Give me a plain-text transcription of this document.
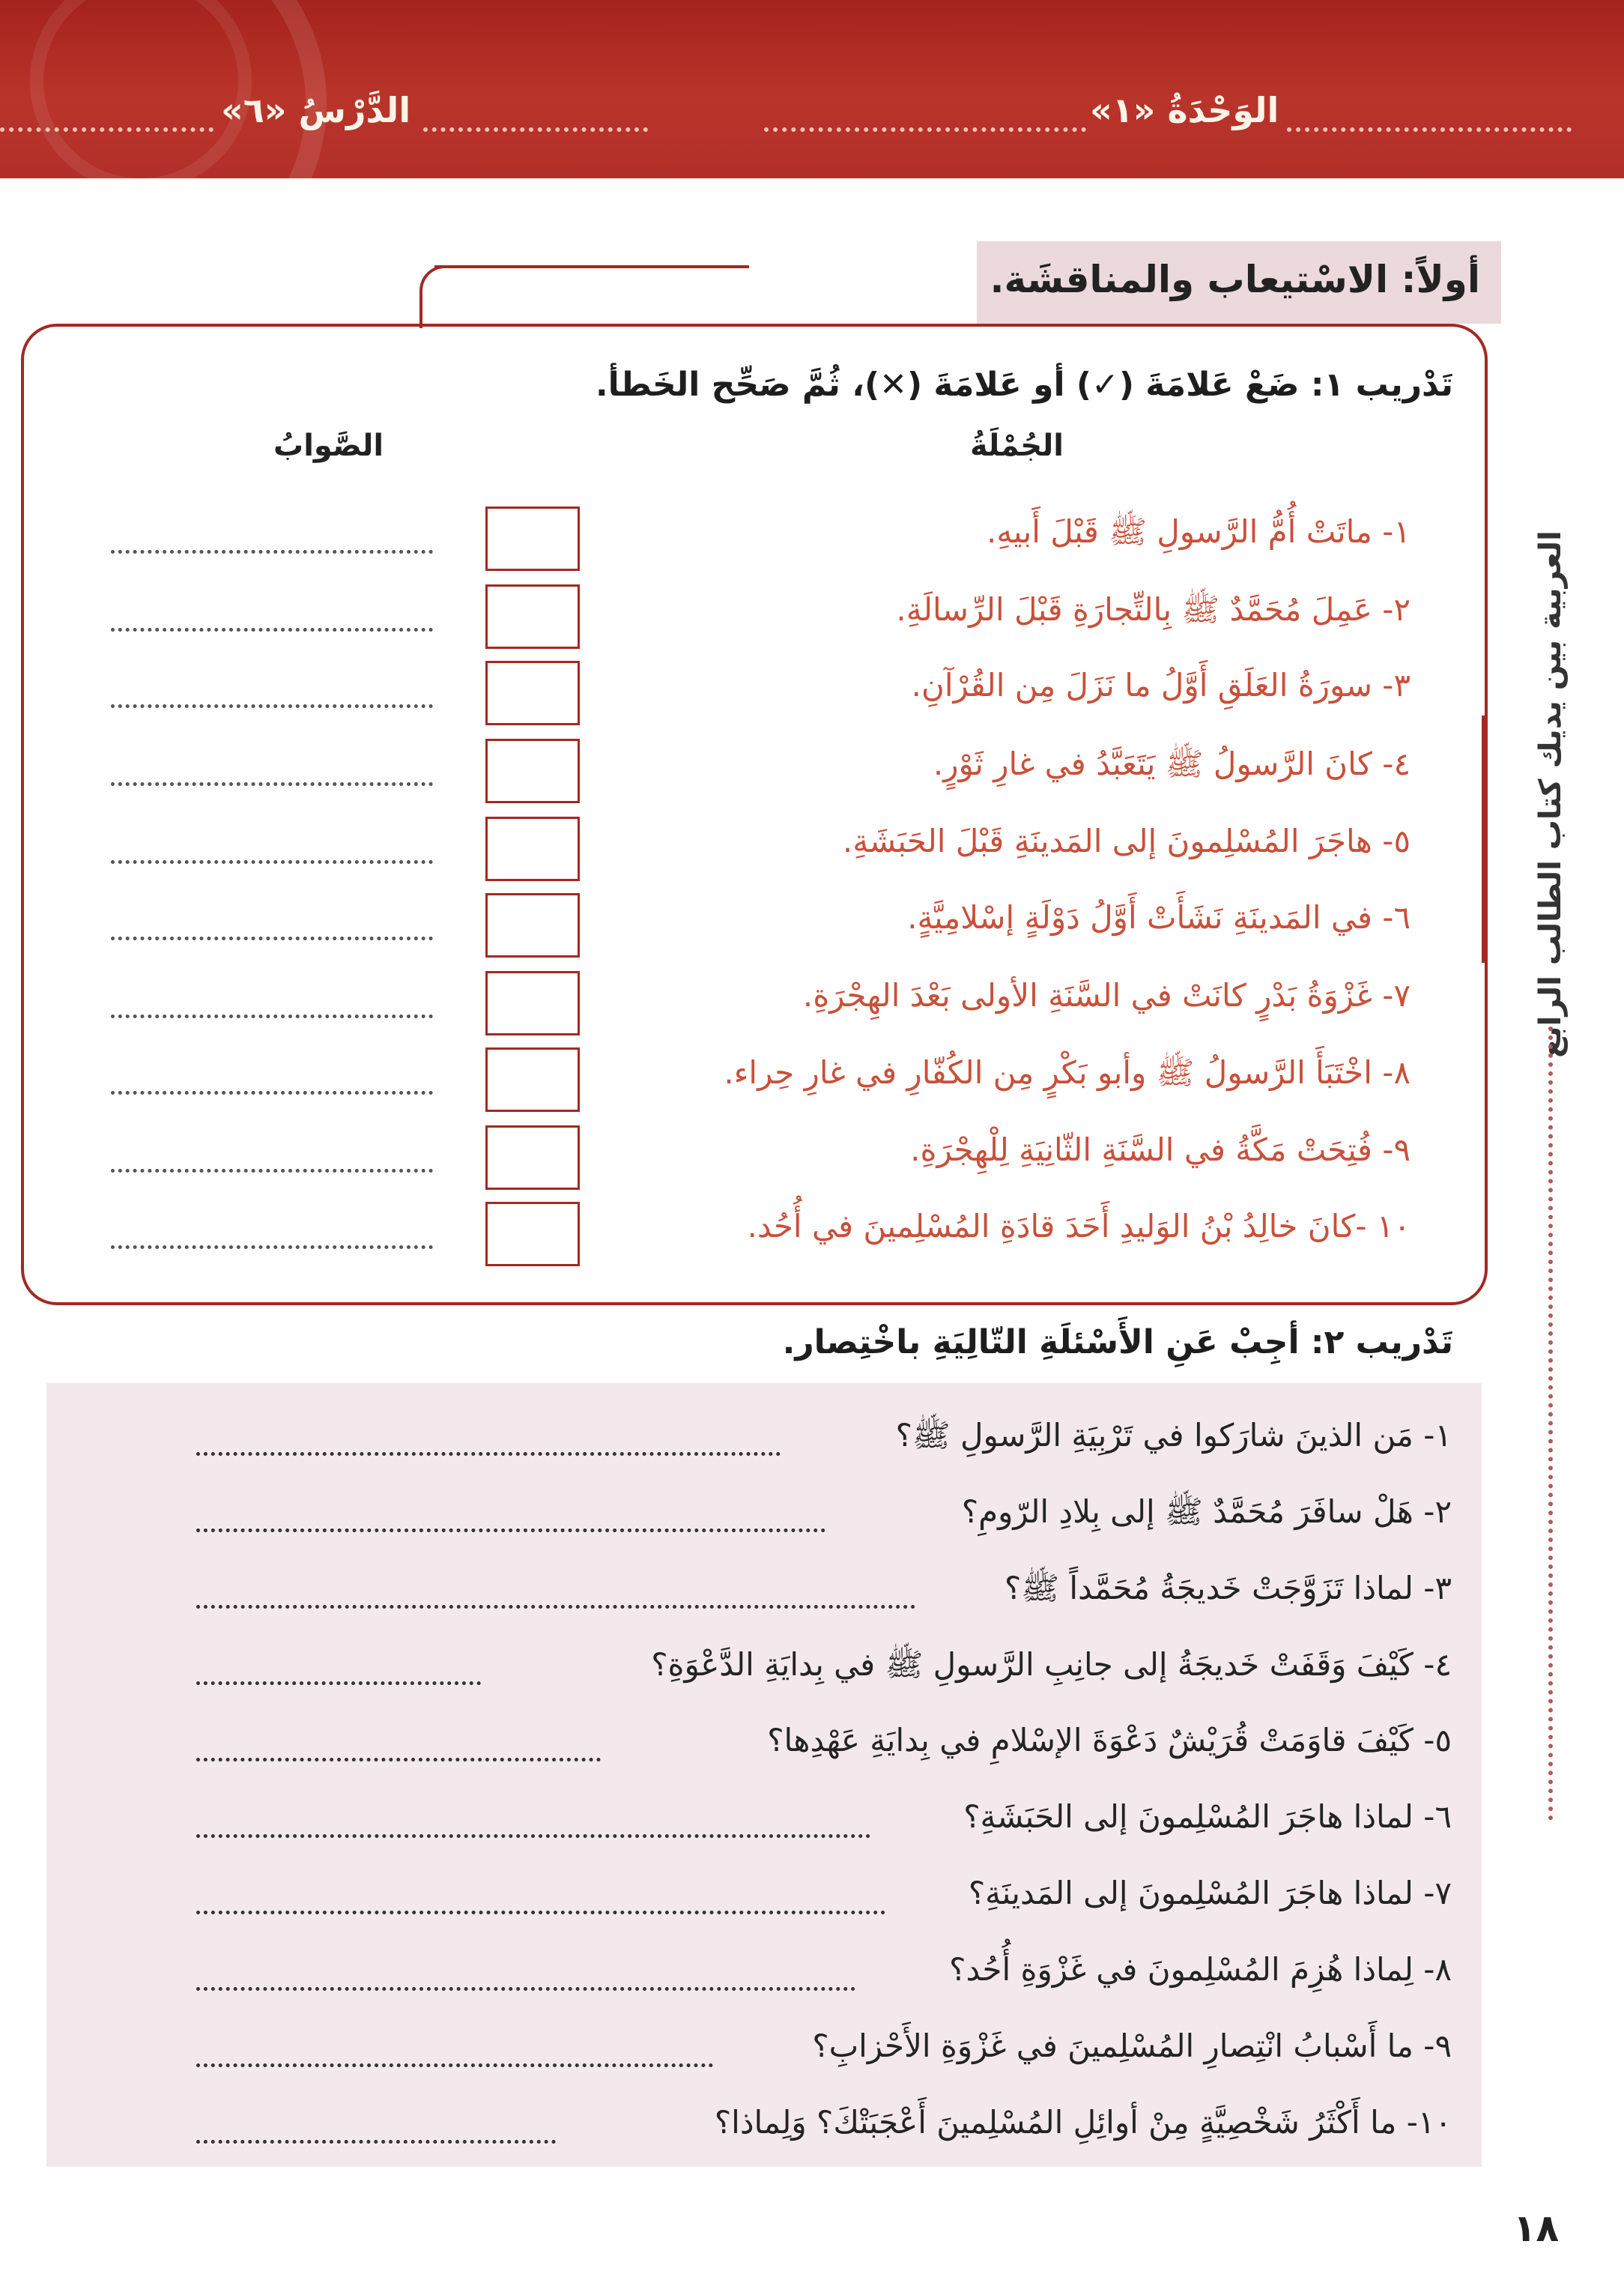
الوَحْدَةُ «١»
الدَّرْسُ «٦»
أولاً: الاسْتيعاب والمناقشَة.
تَدْريب ١: ضَعْ عَلامَةَ (✓) أو عَلامَةَ (✕)، ثُمَّ صَحِّح الخَطأ.
الجُمْلَةُ
الصَّوابُ
١- ماتَتْ أُمُّ الرَّسولِ ﷺ قَبْلَ أَبيهِ.
٢- عَمِلَ مُحَمَّدٌ ﷺ بِالتِّجارَةِ قَبْلَ الرِّسالَةِ.
٣- سورَةُ العَلَقِ أَوَّلُ ما نَزَلَ مِن القُرْآنِ.
٤- كانَ الرَّسولُ ﷺ يَتَعَبَّدُ في غارِ ثَوْرٍ.
٥- هاجَرَ المُسْلِمونَ إلى المَدينَةِ قَبْلَ الحَبَشَةِ.
٦- في المَدينَةِ نَشَأَتْ أَوَّلُ دَوْلَةٍ إسْلامِيَّةٍ.
٧- غَزْوَةُ بَدْرٍ كانَتْ في السَّنَةِ الأولى بَعْدَ الهِجْرَةِ.
٨- اخْتَبَأَ الرَّسولُ ﷺ وأبو بَكْرٍ مِن الكُفّارِ في غارِ حِراء.
٩- فُتِحَتْ مَكَّةُ في السَّنَةِ الثّانِيَةِ لِلْهِجْرَةِ.
١٠ -كانَ خالِدُ بْنُ الوَليدِ أَحَدَ قادَةِ المُسْلِمينَ في أُحُد.
تَدْريب ٢: أجِبْ عَنِ الأَسْئلَةِ التّالِيَةِ باخْتِصار.
١- مَن الذينَ شارَكوا في تَرْبِيَةِ الرَّسولِ ﷺ؟
٢- هَلْ سافَرَ مُحَمَّدٌ ﷺ إلى بِلادِ الرّومِ؟
٣- لماذا تَزَوَّجَتْ خَديجَةُ مُحَمَّداً ﷺ؟
٤- كَيْفَ وَقَفَتْ خَديجَةُ إلى جانِبِ الرَّسولِ ﷺ في بِدايَةِ الدَّعْوَةِ؟
٥- كَيْفَ قاوَمَتْ قُرَيْشٌ دَعْوَةَ الإسْلامِ في بِدايَةِ عَهْدِها؟
٦- لماذا هاجَرَ المُسْلِمونَ إلى الحَبَشَةِ؟
٧- لماذا هاجَرَ المُسْلِمونَ إلى المَدينَةِ؟
٨- لِماذا هُزِمَ المُسْلِمونَ في غَزْوَةِ أُحُد؟
٩- ما أَسْبابُ انْتِصارِ المُسْلِمينَ في غَزْوَةِ الأَحْزابِ؟
١٠- ما أَكْثَرُ شَخْصِيَّةٍ مِنْ أوائِلِ المُسْلِمينَ أَعْجَبَتْكَ؟ وَلِماذا؟
العربية بين يديك كتاب الطالب الرابع
١٨
